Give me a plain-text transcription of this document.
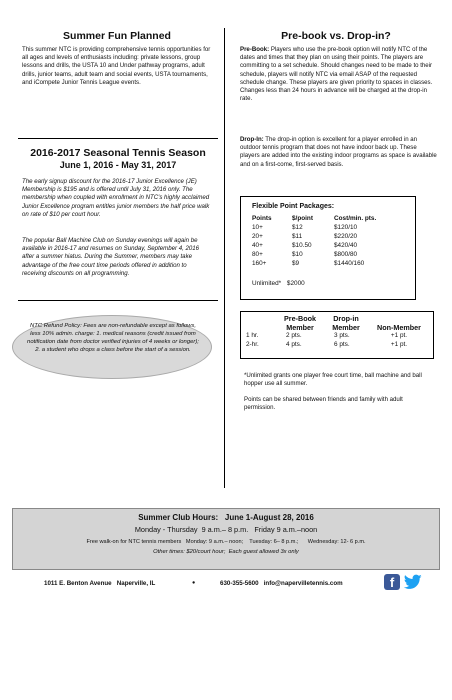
Summer Fun Planned
This summer NTC is providing comprehensive tennis opportunities for all ages and levels of enthusiasts including: private lessons, group lessons and drills, the USTA 10 and Under pathway programs, adult drills, junior teams, adult team and social events, USTA tournaments, and iCompete Junior Tennis League events.
2016-2017 Seasonal Tennis Season
June 1, 2016 - May 31, 2017
The early signup discount for the 2016-17 Junior Excellence (JE) Membership is $195 and is offered until July 31, 2016 only. The membership when coupled with enrollment in NTC's highly acclaimed Junior Excellence program entitles junior members the half price walk on rate of $10 per court hour.
The popular Ball Machine Club on Sunday evenings will again be available in 2016-17 and resumes on Sunday, September 4, 2016 after a summer hiatus. During the Summer, members may take advantage of the free court time periods offered in addition to receiving discounts on all programming.
NTC Refund Policy: Fees are non-refundable except as follows, less 10% admin. charge: 1. medical reasons (credit issued from notification date from doctor verified injuries of 4 weeks or longer); 2. a student who drops a class before the start of a session.
Pre-book vs. Drop-in?
Pre-Book: Players who use the pre-book option will notify NTC of the dates and times that they plan on using their points. The players are committing to a set schedule. Should changes need to be made to their schedule, players will notify NTC via email ASAP of the requested schedule change. These players are given priority to spaces in classes. Changes less than 24 hours in advance will be charged at the drop-in rate.
Drop-In: The drop-in option is excellent for a player enrolled in an outdoor tennis program that does not have indoor back up. These players are added into the existing indoor programs as space is available and on a first-come, first-served basis.
Flexible Point Packages:
Points	$/point	Cost/min. pts.
10+	$12	$120/10
20+	$11	$220/20
40+	$10.50	$420/40
80+	$10	$800/80
160+	$9	$1440/160
Unlimited* $2000
	Pre-Book	Drop-in	
	Member	Member	Non-Member
1 hr.	2 pts.	3 pts.	+1 pt.
2-hr.	4 pts.	6 pts.	+1 pt.
*Unlimited grants one player free court time, ball machine and ball hopper use all summer.
Points can be shared between friends and family with adult permission.
Summer Club Hours:   June 1-August 28, 2016
Monday - Thursday  9 a.m.– 8 p.m.   Friday 9 a.m.–noon
Free walk-on for NTC tennis members   Monday: 9 a.m.– noon;    Tuesday: 6– 8 p.m.;      Wednesday: 12- 6 p.m.
Other times: $20/court hour;  Each guest allowed 3x only
1011 E. Benton Avenue   Naperville, IL	●	630-355-5600   info@napervilletennis.com	f
